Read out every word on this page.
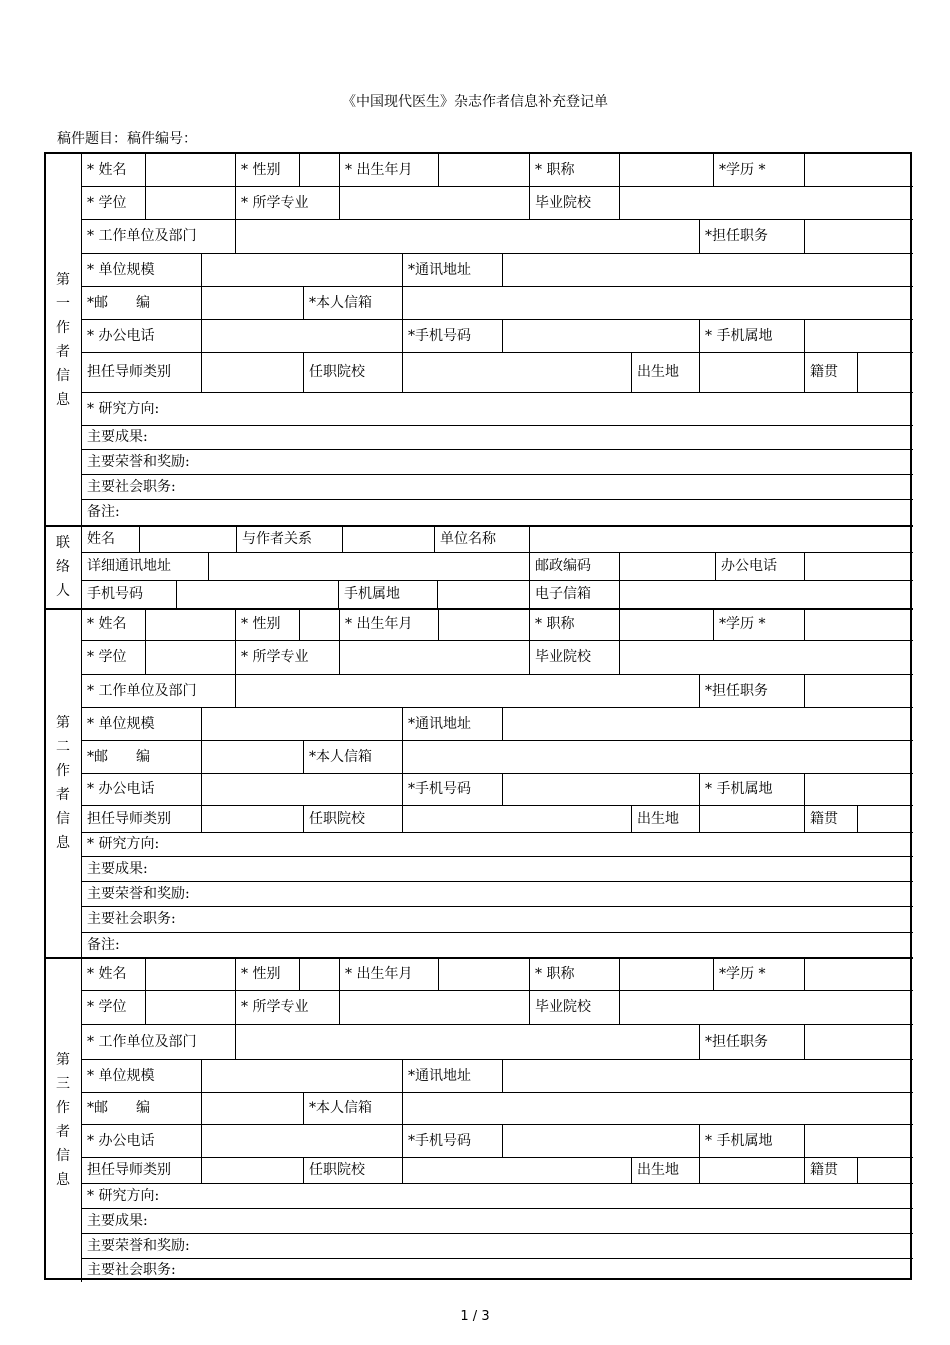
《中国现代医生》杂志作者信息补充登记单
稿件题目：稿件编号：
* 姓名	* 性别	* 出生年月	* 职称	*学历 *
* 学位	* 所学专业	毕业院校
* 工作单位及部门	*担任职务
* 单位规模	*通讯地址
*邮　　编	*本人信箱
* 办公电话	*手机号码	* 手机属地
担任导师类别	任职院校	出生地	籍贯
* 研究方向:
主要成果:
主要荣誉和奖励:
主要社会职务:
备注:
第
一
作
者
信
息
姓名	与作者关系	单位名称
详细通讯地址	邮政编码	办公电话
手机号码	手机属地	电子信箱
联
络
人
* 姓名	* 性别	* 出生年月	* 职称	*学历 *
* 学位	* 所学专业	毕业院校
* 工作单位及部门	*担任职务
* 单位规模	*通讯地址
*邮　　编	*本人信箱
* 办公电话	*手机号码	* 手机属地
担任导师类别	任职院校	出生地	籍贯
* 研究方向:
主要成果:
主要荣誉和奖励:
主要社会职务:
备注:
第
二
作
者
信
息
* 姓名	* 性别	* 出生年月	* 职称	*学历 *
* 学位	* 所学专业	毕业院校
* 工作单位及部门	*担任职务
* 单位规模	*通讯地址
*邮　　编	*本人信箱
* 办公电话	*手机号码	* 手机属地
担任导师类别	任职院校	出生地	籍贯
* 研究方向:
主要成果:
主要荣誉和奖励:
主要社会职务:
第
三
作
者
信
息
1 / 3
